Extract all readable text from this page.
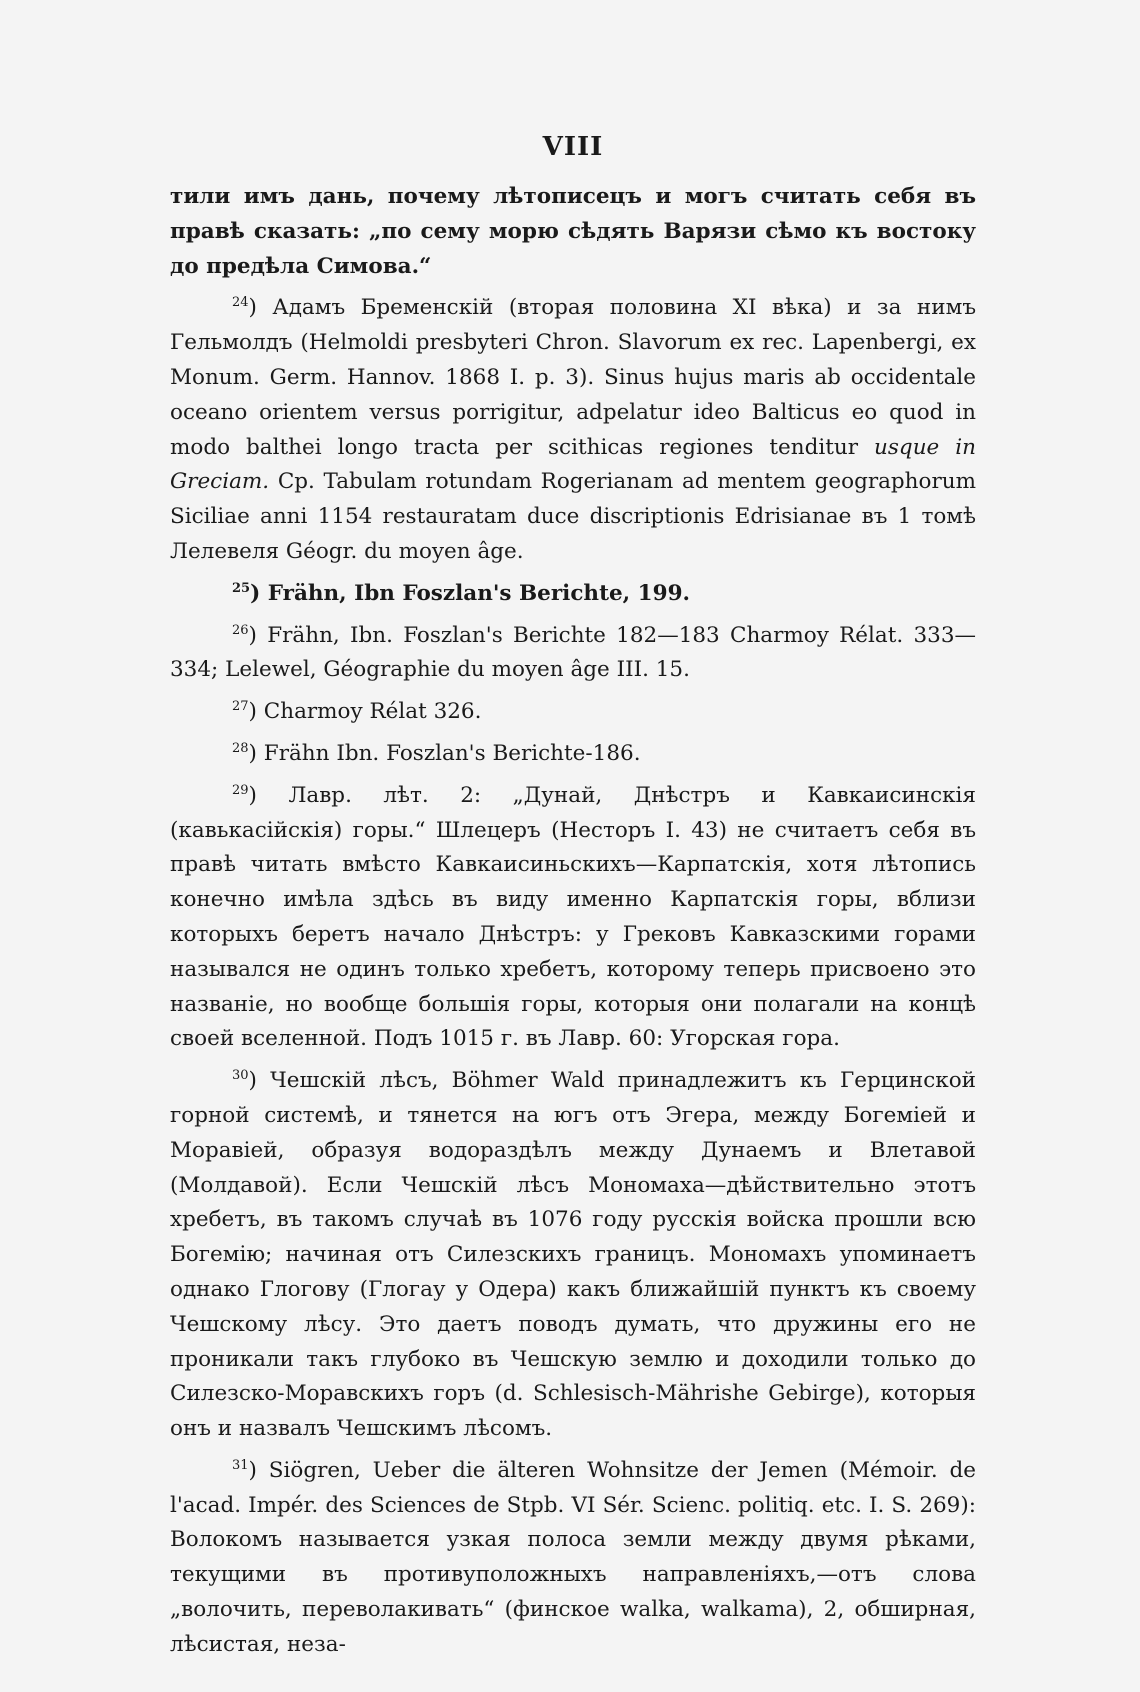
VIII

тили имъ дань, почему лѣтописецъ и могъ считать себя въ правѣ сказать: „по сему морю сѣдять Варязи сѣмо къ востоку до предѣла Симова.“

$^{24}$) Адамъ Бременскій (вторая половина XI вѣка) и за нимъ Гельмолдъ (Helmoldi presbyteri Chron. Slavorum ex rec. Lapenbergi, ex Monum. Germ. Hannov. 1868 I. p. 3). Sinus hujus maris ab occidentale oceano orientem versus porrigitur, adpelatur ideo Balticus eo quod in modo balthei longo tracta per scithicas regiones tenditur usque in Greciam. Cp. Tabulam rotundam Rogerianam ad mentem geographorum Siciliae anni 1154 restauratam duce discriptionis Edrisianae въ 1 томѣ Лелевеля Géogr. du moyen âge.

$^{25}$) Frähn, Ibn Foszlan's Berichte, 199.

$^{26}$) Frähn, Ibn. Foszlan's Berichte 182—183 Charmoy Rélat. 333—334; Lelewel, Géographie du moyen âge III. 15.

$^{27}$) Charmoy Rélat 326.

$^{28}$) Frähn Ibn. Foszlan's Berichte-186.

$^{29}$) Лавр. лѣт. 2: „Дунай, Днѣстръ и Кавкаисинскія (кавькасійскія) горы.“ Шлецеръ (Несторъ I. 43) не считаетъ себя въ правѣ читать вмѣсто Кавкаисиньскихъ—Карпатскія, хотя лѣтопись конечно имѣла здѣсь въ виду именно Карпатскія горы, вблизи которыхъ беретъ начало Днѣстръ: у Грековъ Кавказскими горами назывался не одинъ только хребетъ, которому теперь присвоено это названіе, но вообще большія горы, которыя они полагали на концѣ своей вселенной. Подъ 1015 г. въ Лавр. 60: Угорская гора.

$^{30}$) Чешскій лѣсъ, Böhmer Wald принадлежитъ къ Герцинской горной системѣ, и тянется на югъ отъ Эгера, между Богеміей и Моравіей, образуя водораздѣлъ между Дунаемъ и Влетавой (Молдавой). Если Чешскій лѣсъ Мономаха—дѣйствительно этотъ хребетъ, въ такомъ случаѣ въ 1076 году русскія войска прошли всю Богемію; начиная отъ Силезскихъ границъ. Мономахъ упоминаетъ однако Глогову (Глогау у Одера) какъ ближайшій пунктъ къ своему Чешскому лѣсу. Это даетъ поводъ думать, что дружины его не проникали такъ глубоко въ Чешскую землю и доходили только до Силезско-Моравскихъ горъ (d. Schlesisch-Mährishe Gebirge), которыя онъ и назвалъ Чешскимъ лѣсомъ.

$^{31}$) Siögren, Ueber die älteren Wohnsitze der Jemen (Mémoir. de l'acad. Impér. des Sciences de Stpb. VI Sér. Scienc. politiq. etc. I. S. 269): Волокомъ называется узкая полоса земли между двумя рѣками, текущими въ противуположныхъ направленіяхъ,—отъ слова „волочить, переволакивать“ (финское walka, walkama), 2, обширная, лѣсистая, неза-
